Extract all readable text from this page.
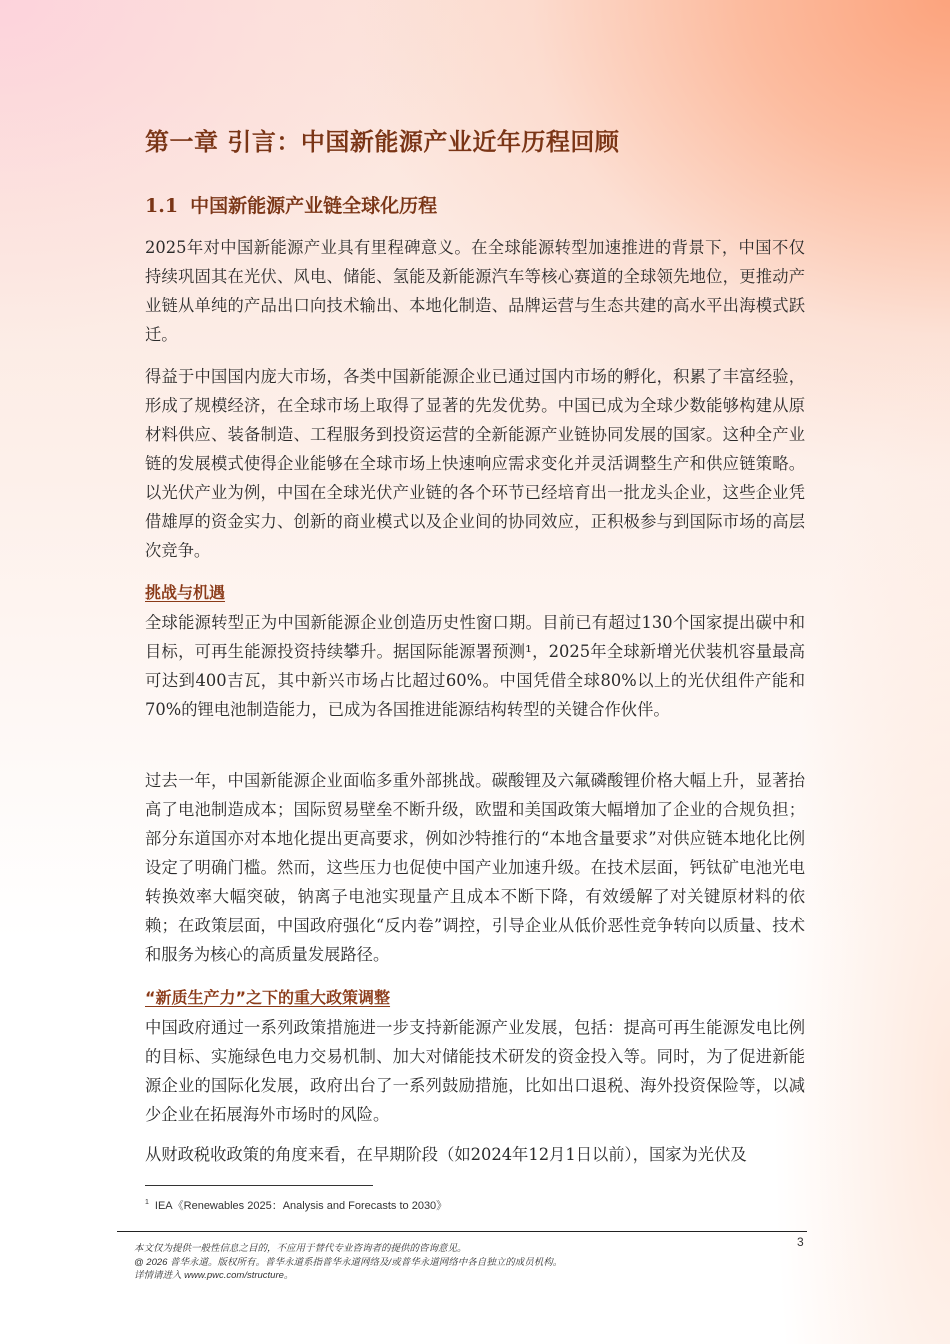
第一章 引言：中国新能源产业近年历程回顾
1.1 中国新能源产业链全球化历程

2025年对中国新能源产业具有里程碑意义。在全球能源转型加速推进的背景下，中国不仅持续巩固其在光伏、风电、储能、氢能及新能源汽车等核心赛道的全球领先地位，更推动产业链从单纯的产品出口向技术输出、本地化制造、品牌运营与生态共建的高水平出海模式跃迁。

得益于中国国内庞大市场，各类中国新能源企业已通过国内市场的孵化，积累了丰富经验，形成了规模经济，在全球市场上取得了显著的先发优势。中国已成为全球少数能够构建从原材料供应、装备制造、工程服务到投资运营的全新能源产业链协同发展的国家。这种全产业链的发展模式使得企业能够在全球市场上快速响应需求变化并灵活调整生产和供应链策略。以光伏产业为例，中国在全球光伏产业链的各个环节已经培育出一批龙头企业，这些企业凭借雄厚的资金实力、创新的商业模式以及企业间的协同效应，正积极参与到国际市场的高层次竞争。

挑战与机遇

全球能源转型正为中国新能源企业创造历史性窗口期。目前已有超过130个国家提出碳中和目标，可再生能源投资持续攀升。据国际能源署预测¹，2025年全球新增光伏装机容量最高可达到400吉瓦，其中新兴市场占比超过60%。中国凭借全球80%以上的光伏组件产能和70%的锂电池制造能力，已成为各国推进能源结构转型的关键合作伙伴。

过去一年，中国新能源企业面临多重外部挑战。碳酸锂及六氟磷酸锂价格大幅上升，显著抬高了电池制造成本；国际贸易壁垒不断升级，欧盟和美国政策大幅增加了企业的合规负担；部分东道国亦对本地化提出更高要求，例如沙特推行的“本地含量要求”对供应链本地化比例设定了明确门槛。然而，这些压力也促使中国产业加速升级。在技术层面，钙钛矿电池光电转换效率大幅突破，钠离子电池实现量产且成本不断下降，有效缓解了对关键原材料的依赖；在政策层面，中国政府强化“反内卷”调控，引导企业从低价恶性竞争转向以质量、技术和服务为核心的高质量发展路径。

“新质生产力”之下的重大政策调整

中国政府通过一系列政策措施进一步支持新能源产业发展，包括：提高可再生能源发电比例的目标、实施绿色电力交易机制、加大对储能技术研发的资金投入等。同时，为了促进新能源企业的国际化发展，政府出台了一系列鼓励措施，比如出口退税、海外投资保险等，以减少企业在拓展海外市场时的风险。

从财政税收政策的角度来看，在早期阶段（如2024年12月1日以前），国家为光伏及

$^1$ IEA《Renewables 2025：Analysis and Forecasts to 2030》
本文仅为提供一般性信息之目的，不应用于替代专业咨询者的提供的咨询意见。
@ 2026 普华永道。版权所有。普华永道系指普华永道网络及/或普华永道网络中各自独立的成员机构。
详情请进入 www.pwc.com/structure。
3
